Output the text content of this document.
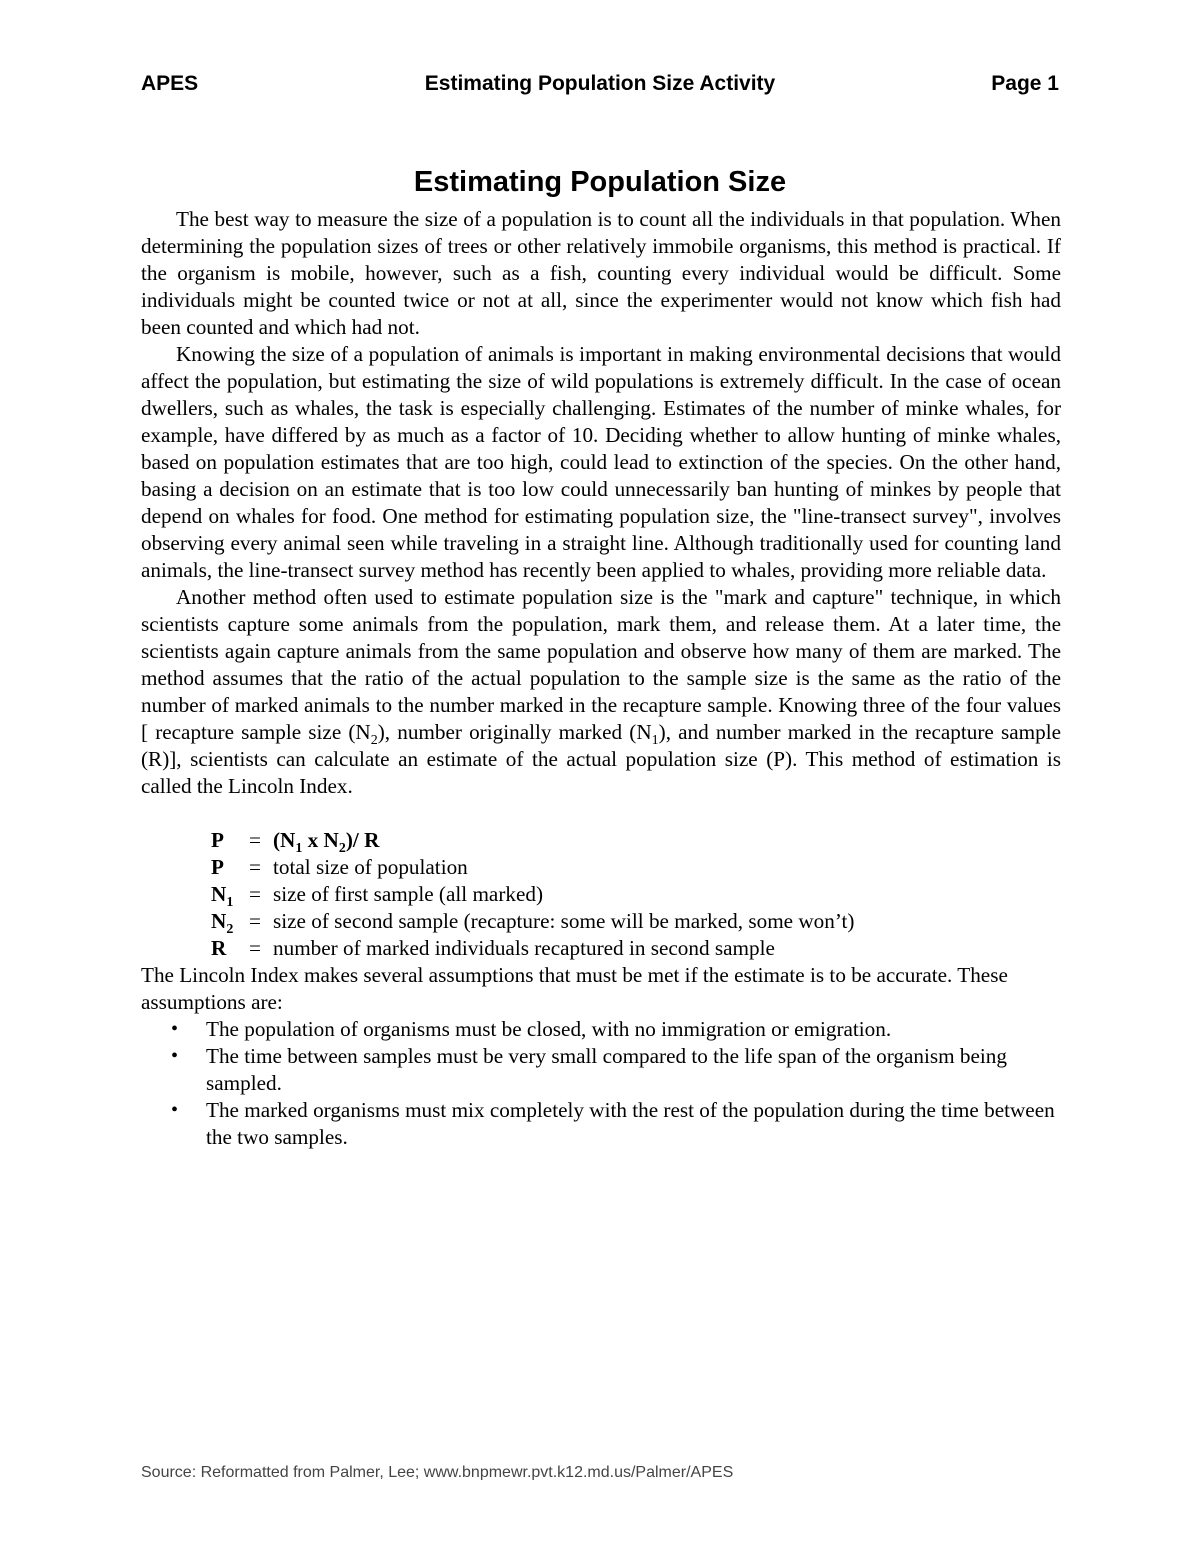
APES	Estimating Population Size Activity	Page 1
Estimating Population Size

The best way to measure the size of a population is to count all the individuals in that population. When determining the population sizes of trees or other relatively immobile organisms, this method is practical. If the organism is mobile, however, such as a fish, counting every individual would be difficult. Some individuals might be counted twice or not at all, since the experimenter would not know which fish had been counted and which had not.

Knowing the size of a population of animals is important in making environmental decisions that would affect the population, but estimating the size of wild populations is extremely difficult. In the case of ocean dwellers, such as whales, the task is especially challenging. Estimates of the number of minke whales, for example, have differed by as much as a factor of 10. Deciding whether to allow hunting of minke whales, based on population estimates that are too high, could lead to extinction of the species. On the other hand, basing a decision on an estimate that is too low could unnecessarily ban hunting of minkes by people that depend on whales for food. One method for estimating population size, the "line-transect survey", involves observing every animal seen while traveling in a straight line. Although traditionally used for counting land animals, the line-transect survey method has recently been applied to whales, providing more reliable data.

Another method often used to estimate population size is the "mark and capture" technique, in which scientists capture some animals from the population, mark them, and release them. At a later time, the scientists again capture animals from the same population and observe how many of them are marked. The method assumes that the ratio of the actual population to the sample size is the same as the ratio of the number of marked animals to the number marked in the recapture sample. Knowing three of the four values [ recapture sample size $(N_2)$, number originally marked $(N_1)$, and number marked in the recapture sample (R)], scientists can calculate an estimate of the actual population size (P). This method of estimation is called the Lincoln Index.

P	= ($N_1$ x $N_2)/$ R
P	= total size of population
$N_1$ = size of first sample (all marked)
$N_2$ = size of second sample (recapture: some will be marked, some won’t)
R	= number of marked individuals recaptured in second sample

The Lincoln Index makes several assumptions that must be met if the estimate is to be accurate. These assumptions are:

•	The population of organisms must be closed, with no immigration or emigration.
•	The time between samples must be very small compared to the life span of the organism being sampled.
•	The marked organisms must mix completely with the rest of the population during the time between the two samples.
Source: Reformatted from Palmer, Lee; www.bnpmewr.pvt.k12.md.us/Palmer/APES
